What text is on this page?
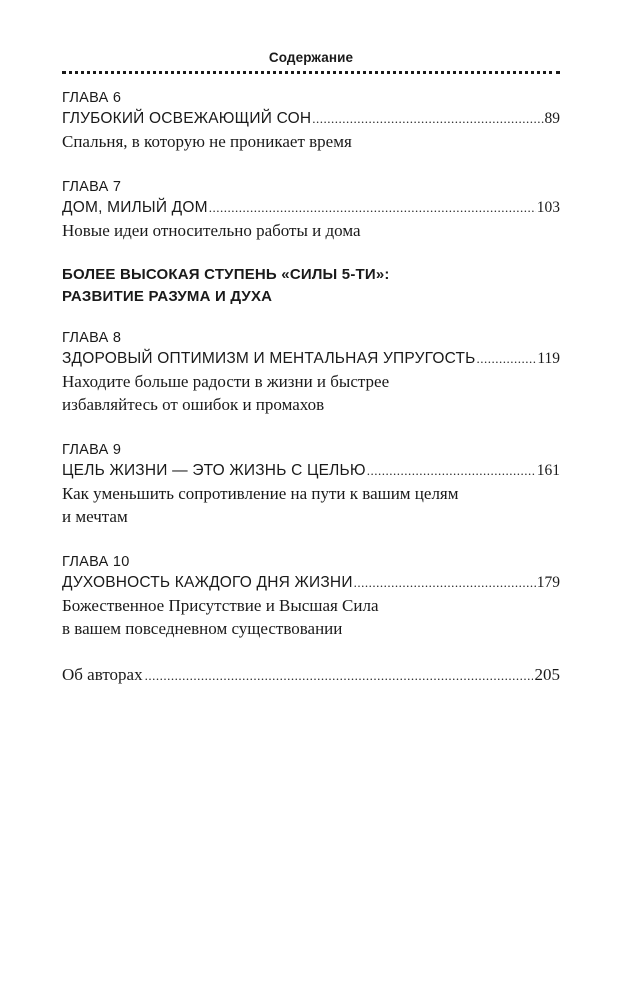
Содержание
ГЛАВА 6
ГЛУБОКИЙ ОСВЕЖАЮЩИЙ СОН .....	89
Спальня, в которую не проникает время
ГЛАВА 7
ДОМ, МИЛЫЙ ДОМ .....	103
Новые идеи относительно работы и дома
БОЛЕЕ ВЫСОКАЯ СТУПЕНЬ «СИЛЫ 5-ТИ»:
РАЗВИТИЕ РАЗУМА И ДУХА
ГЛАВА 8
ЗДОРОВЫЙ ОПТИМИЗМ И МЕНТАЛЬНАЯ УПРУГОСТЬ .....	119
Находите больше радости в жизни и быстрее
избавляйтесь от ошибок и промахов
ГЛАВА 9
ЦЕЛЬ ЖИЗНИ — ЭТО ЖИЗНЬ С ЦЕЛЬЮ .....	161
Как уменьшить сопротивление на пути к вашим целям
и мечтам
ГЛАВА 10
ДУХОВНОСТЬ КАЖДОГО ДНЯ ЖИЗНИ .....	179
Божественное Присутствие и Высшая Сила
в вашем повседневном существовании
Об авторах .....	205
